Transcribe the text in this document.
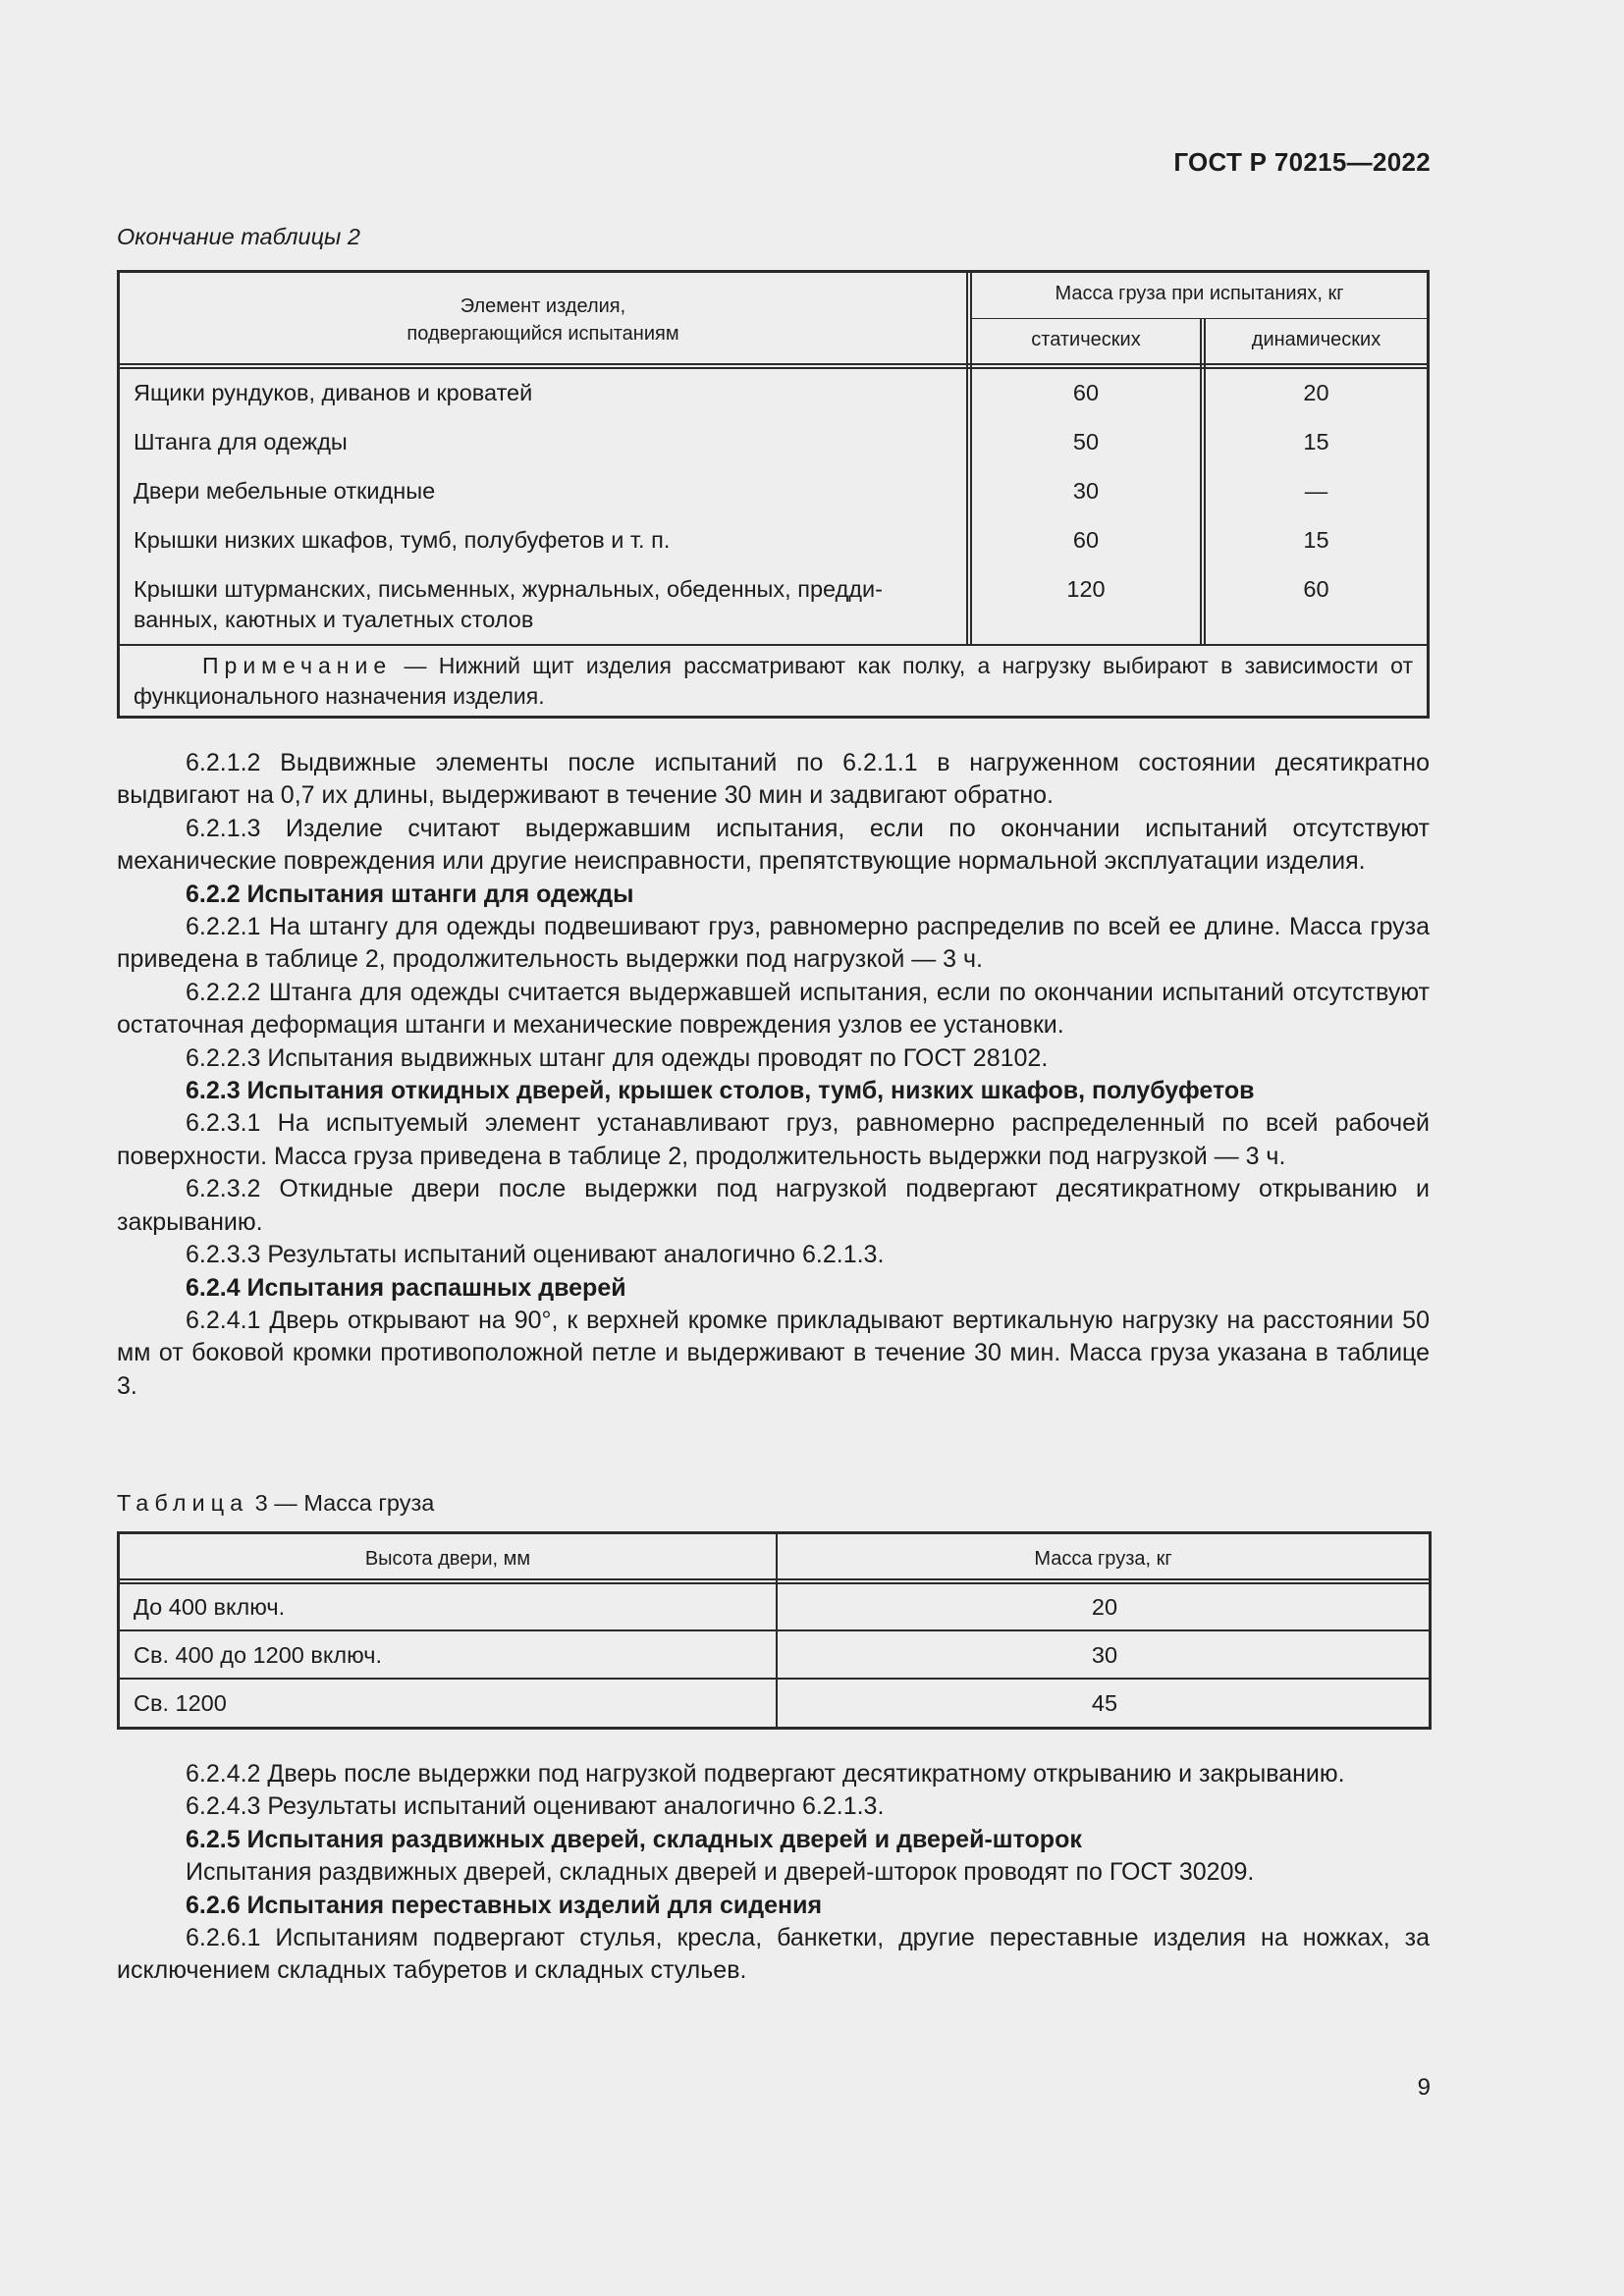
ГОСТ Р 70215—2022
Окончание таблицы 2
Элемент изделия,
подвергающийся испытаниям
Масса груза при испытаниях, кг
статических	динамических
Ящики рундуков, диванов и кроватей	60	20
Штанга для одежды	50	15
Двери мебельные откидные	30	—
Крышки низких шкафов, тумб, полубуфетов и т. п.	60	15
Крышки штурманских, письменных, журнальных, обеденных, предди-
ванных, каютных и туалетных столов
120	60
Примечание — Нижний щит изделия рассматривают как полку, а нагрузку выбирают в зависимости от функционального назначения изделия.

6.2.1.2 Выдвижные элементы после испытаний по 6.2.1.1 в нагруженном состоянии десятикратно выдвигают на 0,7 их длины, выдерживают в течение 30 мин и задвигают обратно.

6.2.1.3 Изделие считают выдержавшим испытания, если по окончании испытаний отсутствуют механические повреждения или другие неисправности, препятствующие нормальной эксплуатации изделия.

6.2.2 Испытания штанги для одежды

6.2.2.1 На штангу для одежды подвешивают груз, равномерно распределив по всей ее длине. Масса груза приведена в таблице 2, продолжительность выдержки под нагрузкой — 3 ч.

6.2.2.2 Штанга для одежды считается выдержавшей испытания, если по окончании испытаний отсутствуют остаточная деформация штанги и механические повреждения узлов ее установки.

6.2.2.3 Испытания выдвижных штанг для одежды проводят по ГОСТ 28102.

6.2.3 Испытания откидных дверей, крышек столов, тумб, низких шкафов, полубуфетов

6.2.3.1 На испытуемый элемент устанавливают груз, равномерно распределенный по всей рабочей поверхности. Масса груза приведена в таблице 2, продолжительность выдержки под нагрузкой — 3 ч.

6.2.3.2 Откидные двери после выдержки под нагрузкой подвергают десятикратному открыванию и закрыванию.

6.2.3.3 Результаты испытаний оценивают аналогично 6.2.1.3.

6.2.4 Испытания распашных дверей

6.2.4.1 Дверь открывают на 90°, к верхней кромке прикладывают вертикальную нагрузку на расстоянии 50 мм от боковой кромки противоположной петле и выдерживают в течение 30 мин. Масса груза указана в таблице 3.

Таблица 3 — Масса груза
Высота двери, мм	Масса груза, кг
До 400 включ.	20
Св. 400 до 1200 включ.	30
Св. 1200	45

6.2.4.2 Дверь после выдержки под нагрузкой подвергают десятикратному открыванию и закрыванию.

6.2.4.3 Результаты испытаний оценивают аналогично 6.2.1.3.

6.2.5 Испытания раздвижных дверей, складных дверей и дверей-шторок

Испытания раздвижных дверей, складных дверей и дверей-шторок проводят по ГОСТ 30209.

6.2.6 Испытания переставных изделий для сидения

6.2.6.1 Испытаниям подвергают стулья, кресла, банкетки, другие переставные изделия на ножках, за исключением складных табуретов и складных стульев.

9
